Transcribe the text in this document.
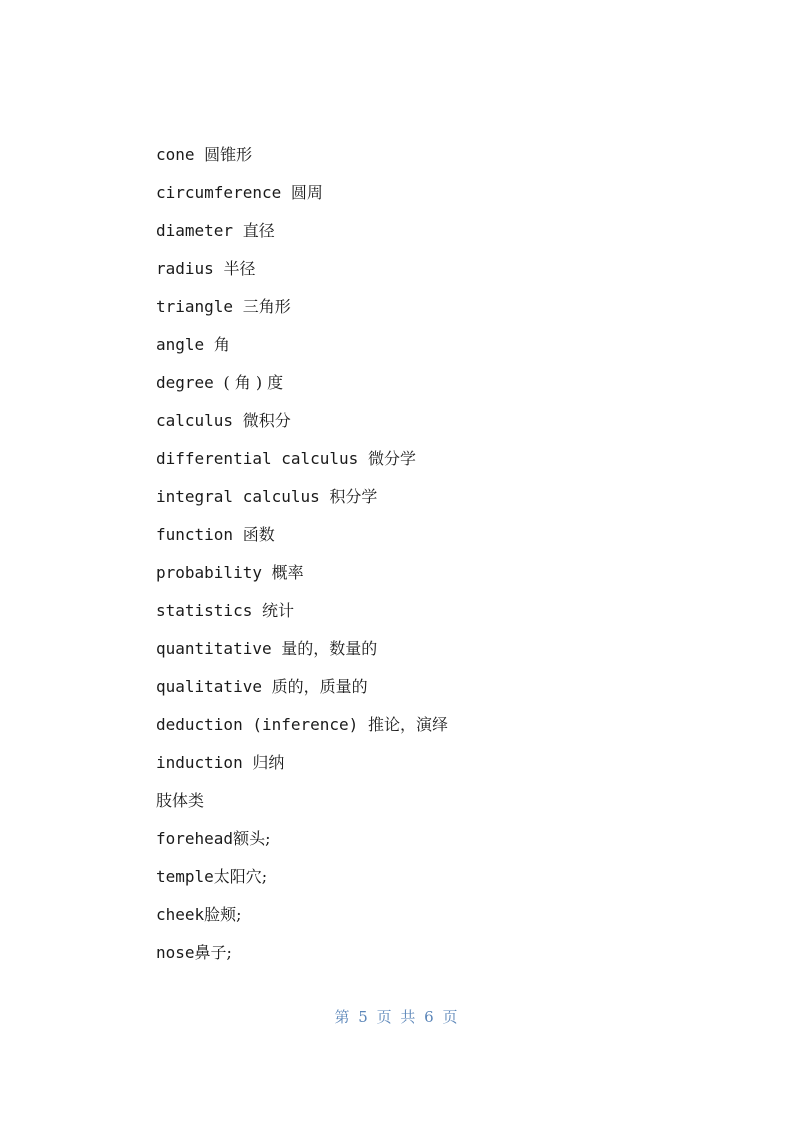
cone 圆锥形
circumference 圆周
diameter 直径
radius 半径
triangle 三角形
angle 角
degree ( 角 ) 度
calculus 微积分
differential calculus 微分学
integral calculus 积分学
function 函数
probability 概率
statistics 统计
quantitative 量的，数量的
qualitative 质的，质量的
deduction (inference) 推论，演绎
induction 归纳
肢体类
forehead额头;
temple太阳穴;
cheek脸颊;
nose鼻子;
第 5 页 共 6 页
